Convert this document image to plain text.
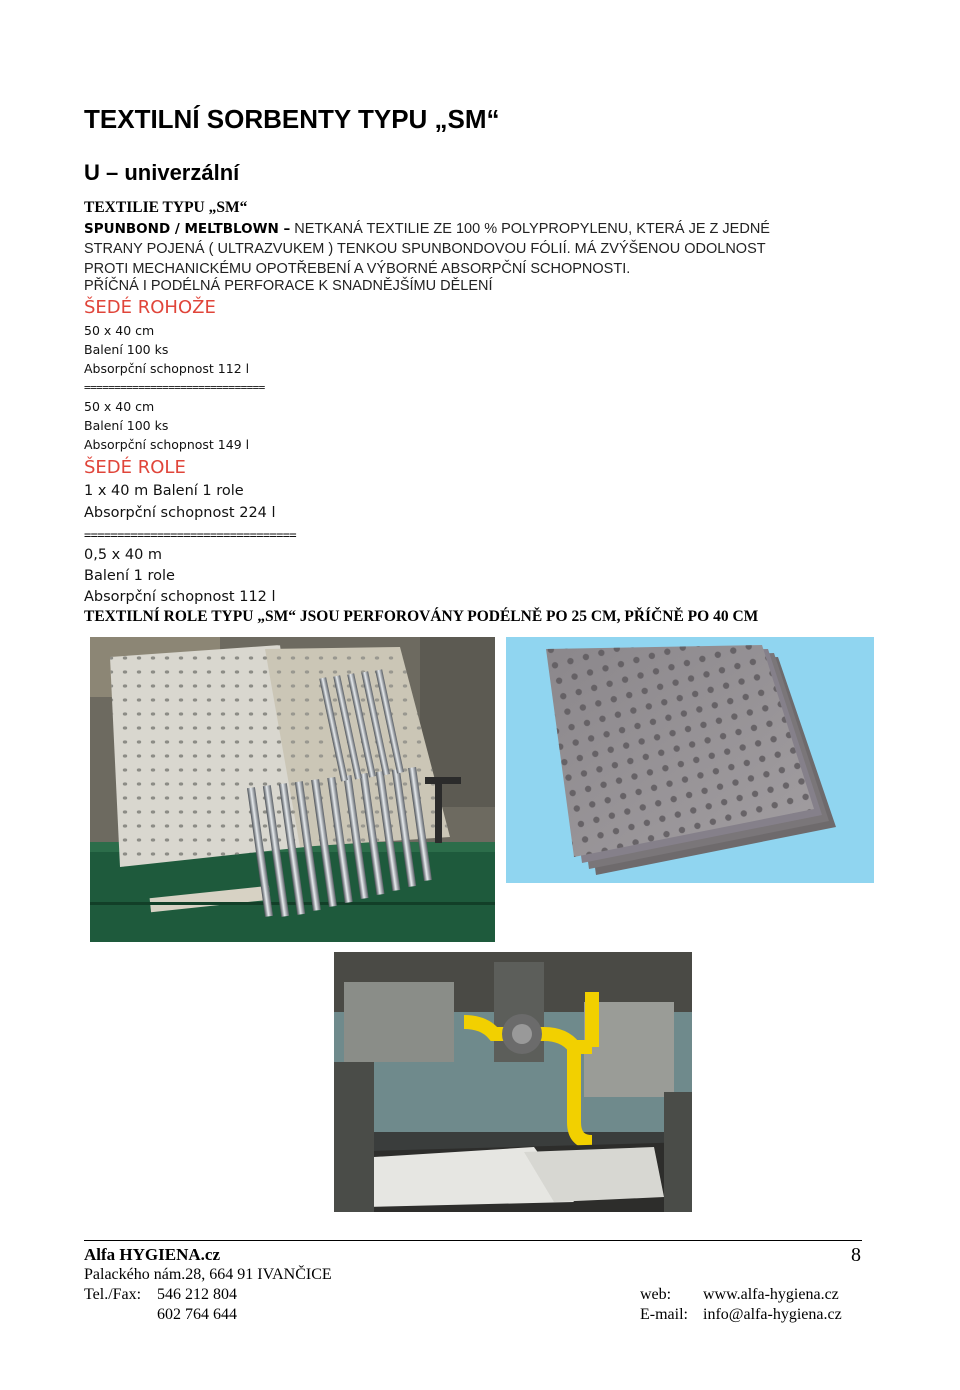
TEXTILNÍ SORBENTY TYPU „SM“
U – univerzální
TEXTILIE TYPU „SM“
SPUNBOND / MELTBLOWN – NETKANÁ TEXTILIE ZE 100 % POLYPROPYLENU, KTERÁ JE Z JEDNÉ
STRANY POJENÁ ( ULTRAZVUKEM ) TENKOU SPUNBONDOVOU FÓLIÍ. MÁ ZVÝŠENOU ODOLNOST
PROTI MECHANICKÉMU OPOTŘEBENÍ A VÝBORNÉ ABSORPČNÍ SCHOPNOSTI.
PŘÍČNÁ I PODÉLNÁ PERFORACE K SNADNĚJŠÍMU DĚLENÍ
ŠEDÉ ROHOŽE
50 x 40 cm
Balení 100 ks
Absorpční schopnost 112 l
==============================
50 x 40 cm
Balení 100 ks
Absorpční schopnost 149 l
ŠEDÉ ROLE
1 x 40 m Balení 1 role
Absorpční schopnost 224 l
================================
0,5 x 40 m
Balení 1 role
Absorpční schopnost 112 l
TEXTILNÍ ROLE TYPU „SM“ JSOU PERFOROVÁNY PODÉLNĚ PO 25 CM, PŘÍČNĚ PO 40 CM
Alfa HYGIENA.cz	8
Palackého nám.28, 664 91 IVANČICE
Tel./Fax: 546 212 804
602 764 644
web: www.alfa-hygiena.cz
E-mail: info@alfa-hygiena.cz
